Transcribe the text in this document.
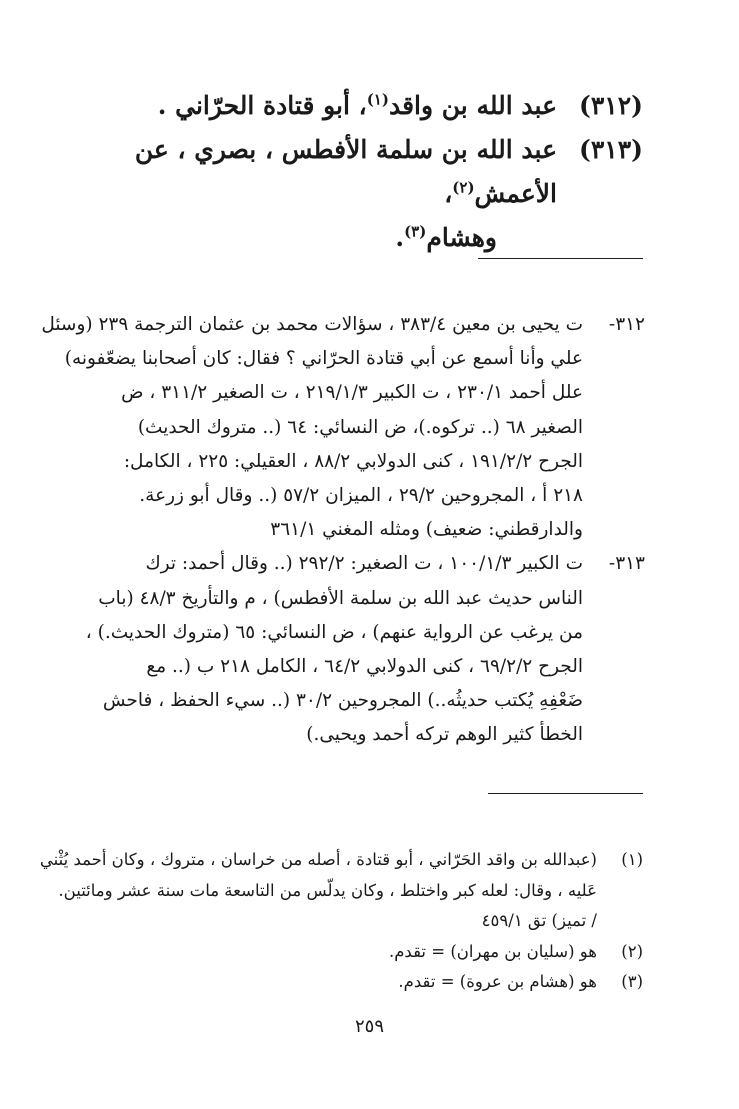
(٣١٢)
عبد الله بن واقد$^{(١)}$، أبو قتادة الحرّاني .
(٣١٣)
عبد الله بن سلمة الأفطس ، بصري ، عن الأعمش$^{(٢)}$،
وهشام$^{(٣)}$.
٣١٢-
ت يحيى بن معين ٣٨٣/٤ ، سؤالات محمد بن عثمان الترجمة ٢٣٩ (وسئل
علي وأنا أسمع عن أبي قتادة الحرّاني ؟ فقال: كان أصحابنا يضعّفونه)
علل أحمد ٢٣٠/١ ، ت الكبير ٢١٩/١/٣ ، ت الصغير ٣١١/٢ ، ض
الصغير ٦٨ (.. تركوه.)، ض النسائي: ٦٤ (.. متروك الحديث)
الجرح ١٩١/٢/٢ ، كنى الدولابي ٨٨/٢ ، العقيلي: ٢٢٥ ، الكامل:
٢١٨ أ ، المجروحين ٢٩/٢ ، الميزان ٥٧/٢ (.. وقال أبو زرعة.
والدارقطني: ضعيف) ومثله المغني ٣٦١/١
٣١٣-
ت الكبير ١٠٠/١/٣ ، ت الصغير: ٢٩٢/٢ (.. وقال أحمد: ترك
الناس حديث عبد الله بن سلمة الأفطس) ، م والتأريخ ٤٨/٣ (باب
من يرغب عن الرواية عنهم) ، ض النسائي: ٦٥ (متروك الحديث.) ،
الجرح ٦٩/٢/٢ ، كنى الدولابي ٦٤/٢ ، الكامل ٢١٨ ب (.. مع
ضَعْفِهِ يُكتب حديثُه..) المجروحين ٣٠/٢ (.. سيء الحفظ ، فاحش
الخطأ كثير الوهم تركه أحمد ويحيى.)
(١)
(عبدالله بن واقد الحَرّاني ، أبو قتادة ، أصله من خراسان ، متروك ، وكان أحمد يُثْني
عَليه ، وقال: لعله كبر واختلط ، وكان يدلّس من التاسعة مات سنة عشر ومائتين.
/ تميز) تق ٤٥٩/١
(٢)
هو (سليان بن مهران) = تقدم.
(٣)
هو (هشام بن عروة) = تقدم.
٢٥٩
